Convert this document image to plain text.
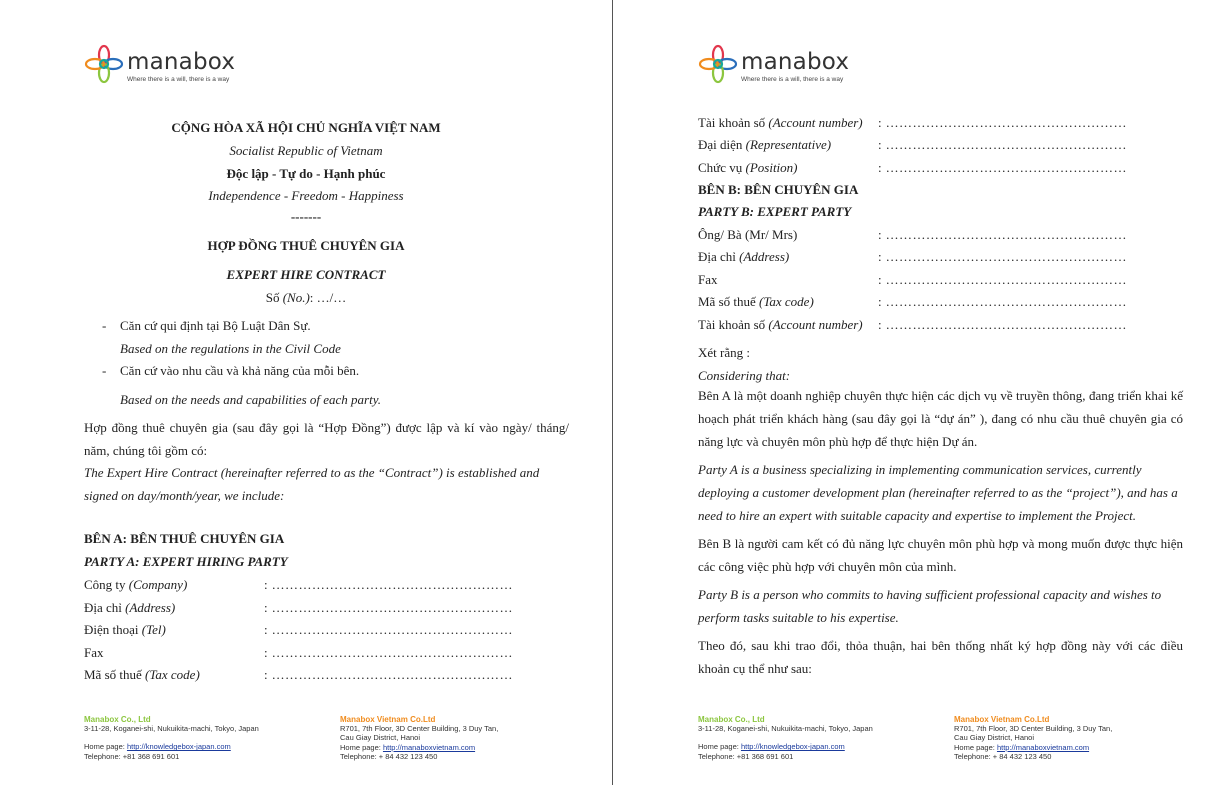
manabox
Where there is a will, there is a way
CỘNG HÒA XÃ HỘI CHỦ NGHĨA VIỆT NAM
Socialist Republic of Vietnam
Độc lập - Tự do - Hạnh phúc
Independence - Freedom - Happiness
-------
HỢP ĐỒNG THUÊ CHUYÊN GIA
EXPERT HIRE CONTRACT
Số (No.): …/…
- Căn cứ qui định tại Bộ Luật Dân Sự.
Based on the regulations in the Civil Code
- Căn cứ vào nhu cầu và khả năng của mỗi bên.
Based on the needs and capabilities of each party.
Hợp đồng thuê chuyên gia (sau đây gọi là “Hợp Đồng”) được lập và kí vào ngày/ tháng/
năm, chúng tôi gồm có:
The Expert Hire Contract (hereinafter referred to as the “Contract”) is established and
signed on day/month/year, we include:
BÊN A: BÊN THUÊ CHUYÊN GIA
PARTY A: EXPERT HIRING PARTY
Công ty (Company)	: ………………………………………………
Địa chỉ (Address)	: ………………………………………………
Điện thoại (Tel)	: ………………………………………………
Fax	: ………………………………………………
Mã số thuế (Tax code)	: ………………………………………………
Manabox Co., Ltd
3-11-28, Koganei-shi, Nukuikita-machi, Tokyo, Japan
Home page: http://knowledgebox-japan.com
Telephone: +81 368 691 601
Manabox Vietnam Co.Ltd
R701, 7th Floor, 3D Center Building, 3 Duy Tan,
Cau Giay District, Hanoi
Home page: http://manaboxvietnam.com
Telephone: + 84 432 123 450
manabox
Where there is a will, there is a way
Tài khoản số (Account number) : ………………………………………………
Đại diện (Representative)	: ………………………………………………
Chức vụ (Position)	: ………………………………………………
BÊN B: BÊN CHUYÊN GIA
PARTY B: EXPERT PARTY
Ông/ Bà (Mr/ Mrs)	: ………………………………………………
Địa chỉ (Address)	: ………………………………………………
Fax	: ………………………………………………
Mã số thuế (Tax code)	: ………………………………………………
Tài khoản số (Account number) : ………………………………………………
Xét rằng :
Considering that:
Bên A là một doanh nghiệp chuyên thực hiện các dịch vụ về truyền thông, đang triển khai kế
hoạch phát triển khách hàng (sau đây gọi là “dự án” ), đang có nhu cầu thuê chuyên gia có
năng lực và chuyên môn phù hợp để thực hiện Dự án.
Party A is a business specializing in implementing communication services, currently
deploying a customer development plan (hereinafter referred to as the “project”), and has a
need to hire an expert with suitable capacity and expertise to implement the Project.
Bên B là người cam kết có đủ năng lực chuyên môn phù hợp và mong muốn được thực hiện
các công việc phù hợp với chuyên môn của mình.
Party B is a person who commits to having sufficient professional capacity and wishes to
perform tasks suitable to his expertise.
Theo đó, sau khi trao đổi, thỏa thuận, hai bên thống nhất ký hợp đồng này với các điều
khoản cụ thể như sau:
Manabox Co., Ltd
3-11-28, Koganei-shi, Nukuikita-machi, Tokyo, Japan
Home page: http://knowledgebox-japan.com
Telephone: +81 368 691 601
Manabox Vietnam Co.Ltd
R701, 7th Floor, 3D Center Building, 3 Duy Tan,
Cau Giay District, Hanoi
Home page: http://manaboxvietnam.com
Telephone: + 84 432 123 450
